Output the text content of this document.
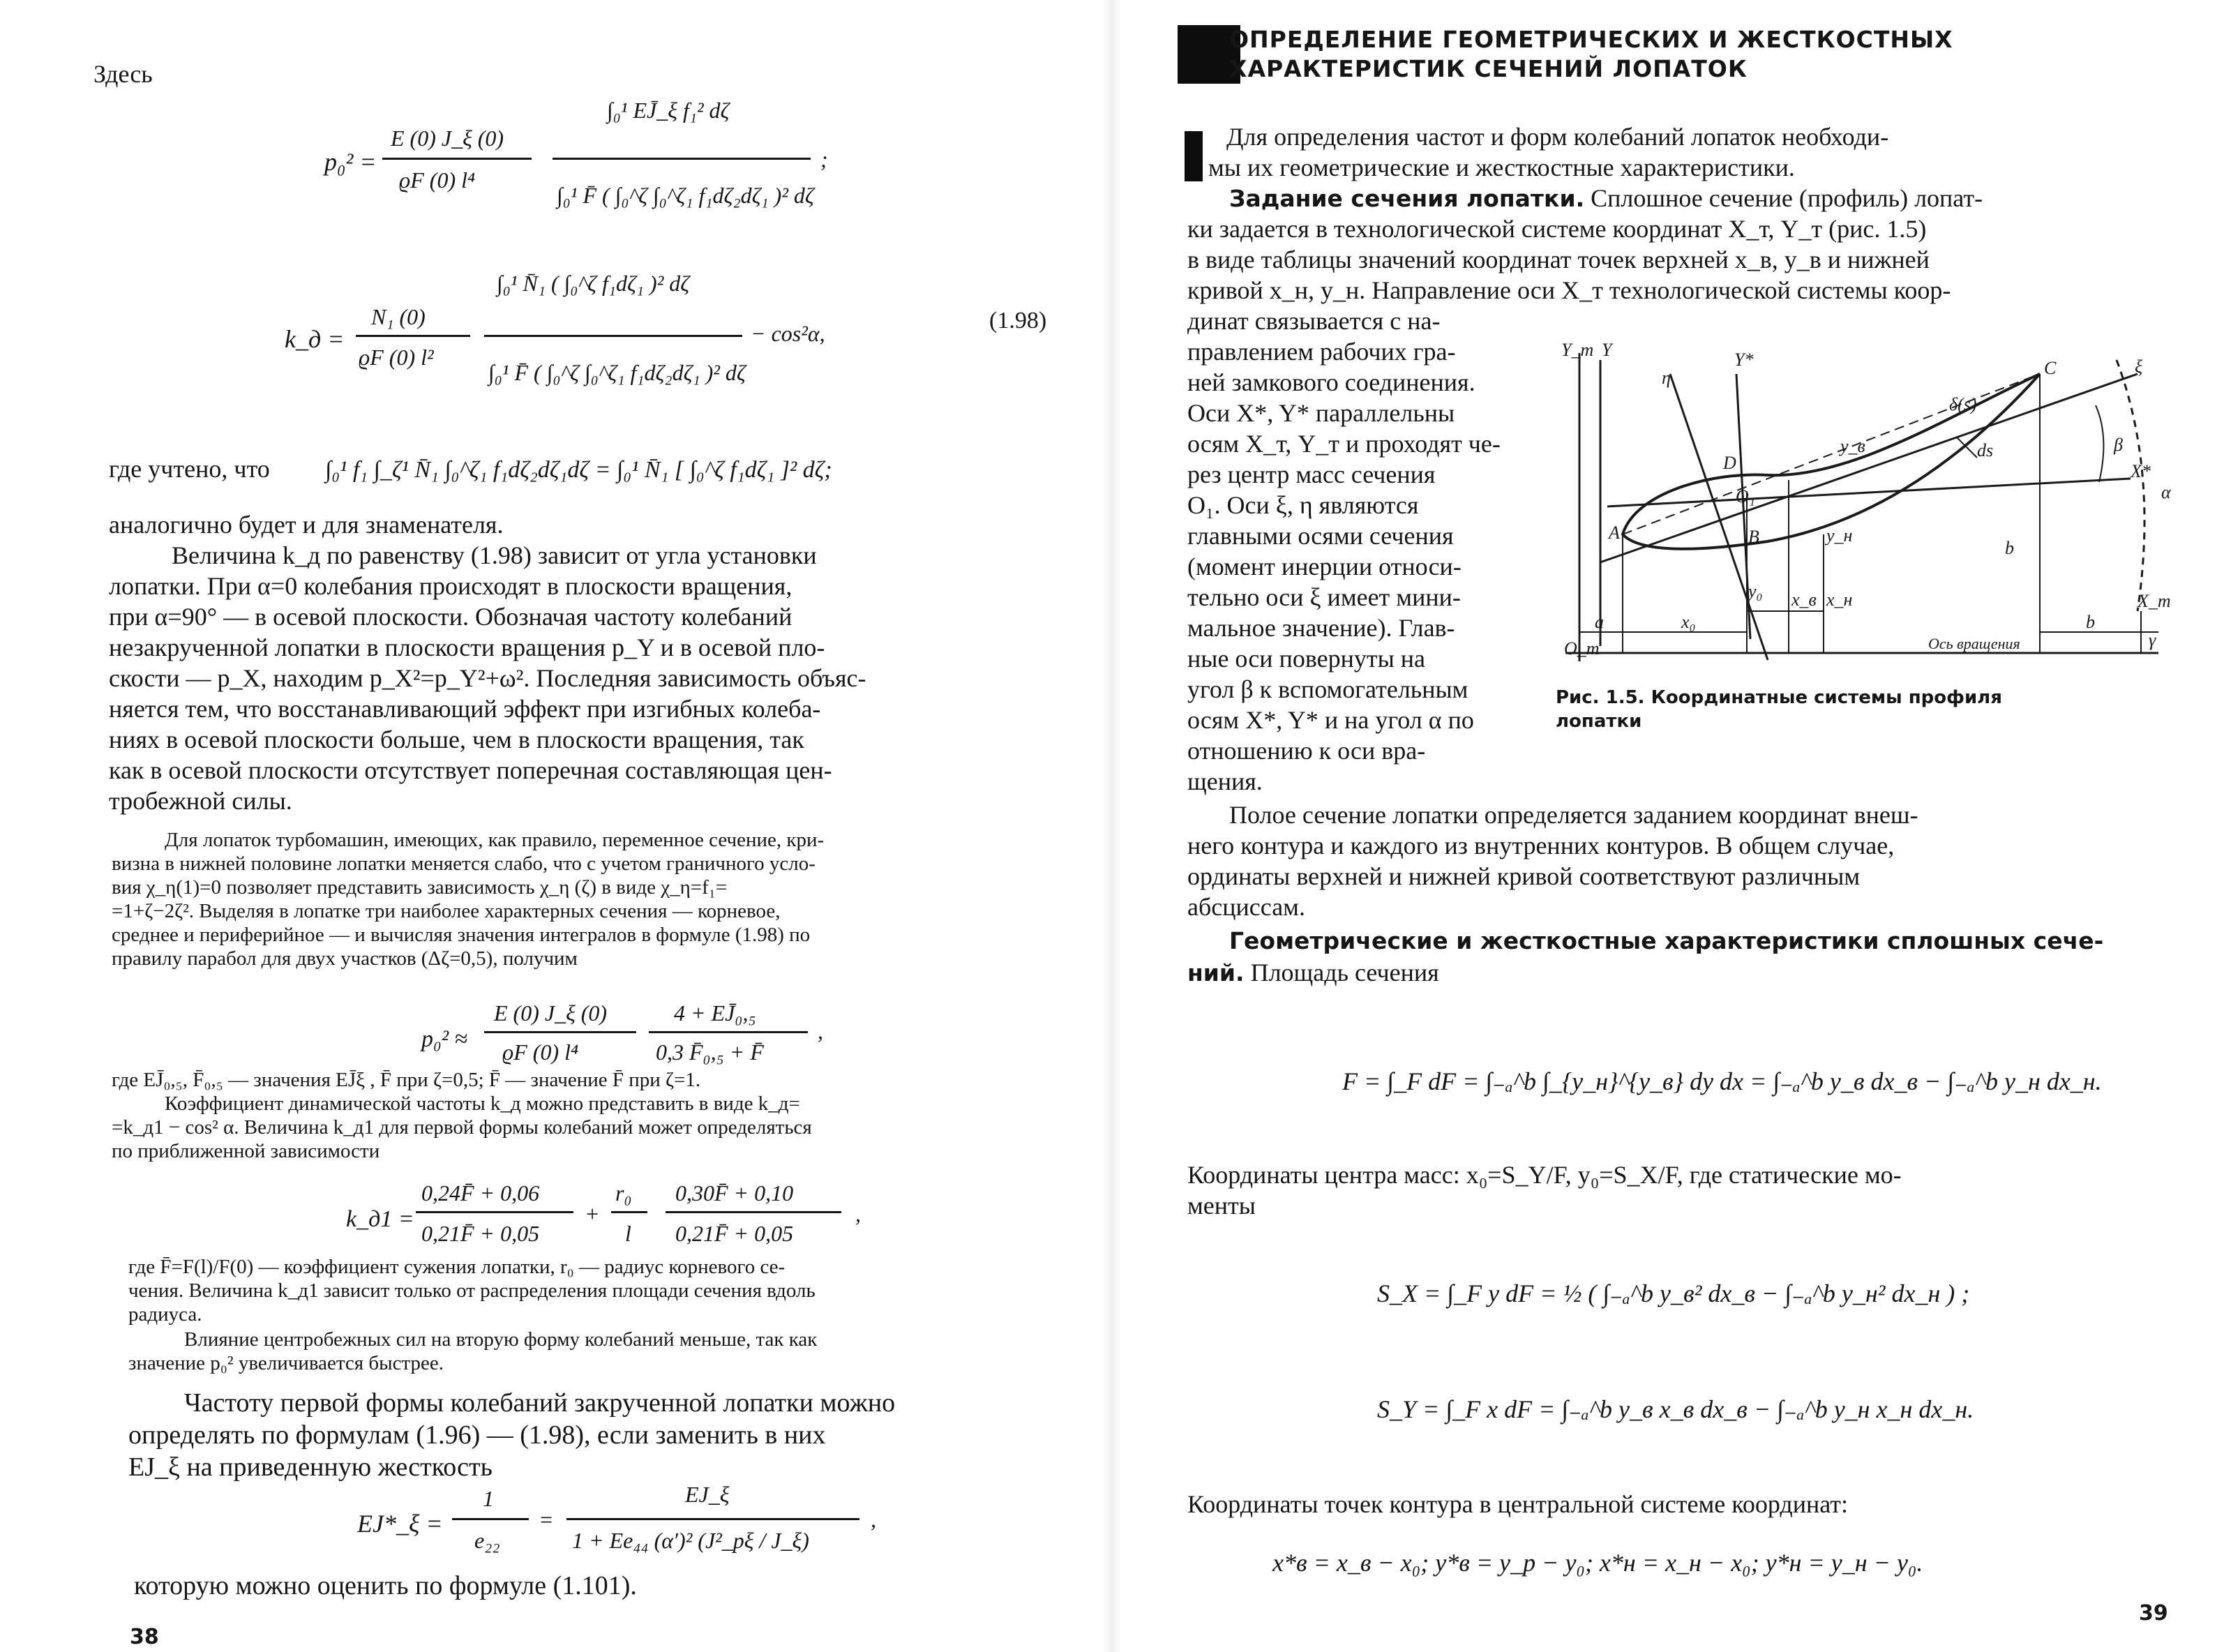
Здесь

p₀² =
E (0) J_ξ (0)
ϱF (0) l⁴
∫₀¹ EJ̄_ξ f₁² dζ
∫₀¹ F̄ ( ∫₀^ζ ∫₀^ζ₁ f₁dζ₂dζ₁ )² dζ
;
k_д =
N₁ (0)
ϱF (0) l²
∫₀¹ N̄₁ ( ∫₀^ζ f₁dζ₁ )² dζ
∫₀¹ F̄ ( ∫₀^ζ ∫₀^ζ₁ f₁dζ₂dζ₁ )² dζ
− cos²α,	(1.98)
где учтено, что ∫₀¹ f₁ ∫_ζ¹ N̄₁ ∫₀^ζ₁ f₁dζ₂dζ₁dζ = ∫₀¹ N̄₁ [ ∫₀^ζ f₁dζ₁ ]² dζ;

аналогично будет и для знаменателя.

Величина k_д по равенству (1.98) зависит от угла установки

лопатки. При α=0 колебания происходят в плоскости вращения,

при α=90° — в осевой плоскости. Обозначая частоту колебаний

незакрученной лопатки в плоскости вращения p_Y и в осевой пло-

скости — p_X, находим p_X²=p_Y²+ω². Последняя зависимость объяс-

няется тем, что восстанавливающий эффект при изгибных колеба-

ниях в осевой плоскости больше, чем в плоскости вращения, так

как в осевой плоскости отсутствует поперечная составляющая цен-

тробежной силы.

Для лопаток турбомашин, имеющих, как правило, переменное сечение, кри-

визна в нижней половине лопатки меняется слабо, что с учетом граничного усло-

вия χ_η(1)=0 позволяет представить зависимость χ_η (ζ) в виде χ_η=f₁=

=1+ζ−2ζ². Выделяя в лопатке три наиболее характерных сечения — корневое,

среднее и периферийное — и вычисляя значения интегралов в формуле (1.98) по

правилу парабол для двух участков (Δζ=0,5), получим

p₀² ≈
E (0) J_ξ (0)
ϱF (0) l⁴
4 + EJ̄₀,₅
0,3 F̄₀,₅ + F̄
,

где EJ̄₀,₅, F̄₀,₅ — значения EJ̄ξ , F̄ при ζ=0,5; F̄ — значение F̄ при ζ=1.

Коэффициент динамической частоты k_д можно представить в виде k_д=

=k_д1 − cos² α. Величина k_д1 для первой формы колебаний может определяться

по приближенной зависимости

k_д1 =
0,24F̄ + 0,06
0,21F̄ + 0,05
+
r₀
l
0,30F̄ + 0,10
0,21F̄ + 0,05
,

где F̄=F(l)/F(0) — коэффициент сужения лопатки, r₀ — радиус корневого се-

чения. Величина k_д1 зависит только от распределения площади сечения вдоль

радиуса.

Влияние центробежных сил на вторую форму колебаний меньше, так как

значение p₀² увеличивается быстрее.

Частоту первой формы колебаний закрученной лопатки можно

определять по формулам (1.96) — (1.98), если заменить в них

EJ_ξ на приведенную жесткость

EJ*_ξ =
1
e₂₂
=
EJ_ξ
1 + Ee₄₄ (α′)² (J²_pξ / J_ξ)
,

которую можно оценить по формуле (1.101).

38

ОПРЕДЕЛЕНИЕ ГЕОМЕТРИЧЕСКИХ И ЖЕСТКОСТНЫХ

ХАРАКТЕРИСТИК СЕЧЕНИЙ ЛОПАТОК

Для определения частот и форм колебаний лопаток необходи-

мы их геометрические и жесткостные характеристики.

Задание сечения лопатки. Сплошное сечение (профиль) лопат-

ки задается в технологической системе координат X_т, Y_т (рис. 1.5)

в виде таблицы значений координат точек верхней x_в, y_в и нижней

кривой x_н, y_н. Направление оси X_т технологической системы коор-

динат связывается с на-

правлением рабочих гра-

ней замкового соединения.

Оси X*, Y* параллельны

осям X_т, Y_т и проходят че-

рез центр масс сечения

O₁. Оси ξ, η являются

главными осями сечения

(момент инерции относи-

тельно оси ξ имеет мини-

мальное значение). Глав-

ные оси повернуты на

угол β к вспомогательным

осям X*, Y* и на угол α по

отношению к оси вра-

щения.

Y_т Y	Y*
η
ξ
X*
X_т
C
D
A	B
O₁
O_т
δ(s)
y_в
y_н
ds	β
α
γ
a
b
b
x₀
y₀ x_в x_н
Ось вращения

Рис. 1.5. Координатные системы профиля

лопатки

Полое сечение лопатки определяется заданием координат внеш-

него контура и каждого из внутренних контуров. В общем случае,

ординаты верхней и нижней кривой соответствуют различным

абсциссам.

Геометрические и жесткостные характеристики сплошных сече-

ний. Площадь сечения

F = ∫_F dF = ∫₋ₐ^b ∫_{y_н}^{y_в} dy dx = ∫₋ₐ^b y_в dx_в − ∫₋ₐ^b y_н dx_н.

Координаты центра масс: x₀=S_Y/F, y₀=S_X/F, где статические мо-

менты

S_X = ∫_F y dF = ½ ( ∫₋ₐ^b y_в² dx_в − ∫₋ₐ^b y_н² dx_н ) ;

S_Y = ∫_F x dF = ∫₋ₐ^b y_в x_в dx_в − ∫₋ₐ^b y_н x_н dx_н.

Координаты точек контура в центральной системе координат:

x*в = x_в − x₀; y*в = y_р − y₀; x*н = x_н − x₀; y*н = y_н − y₀.

39
